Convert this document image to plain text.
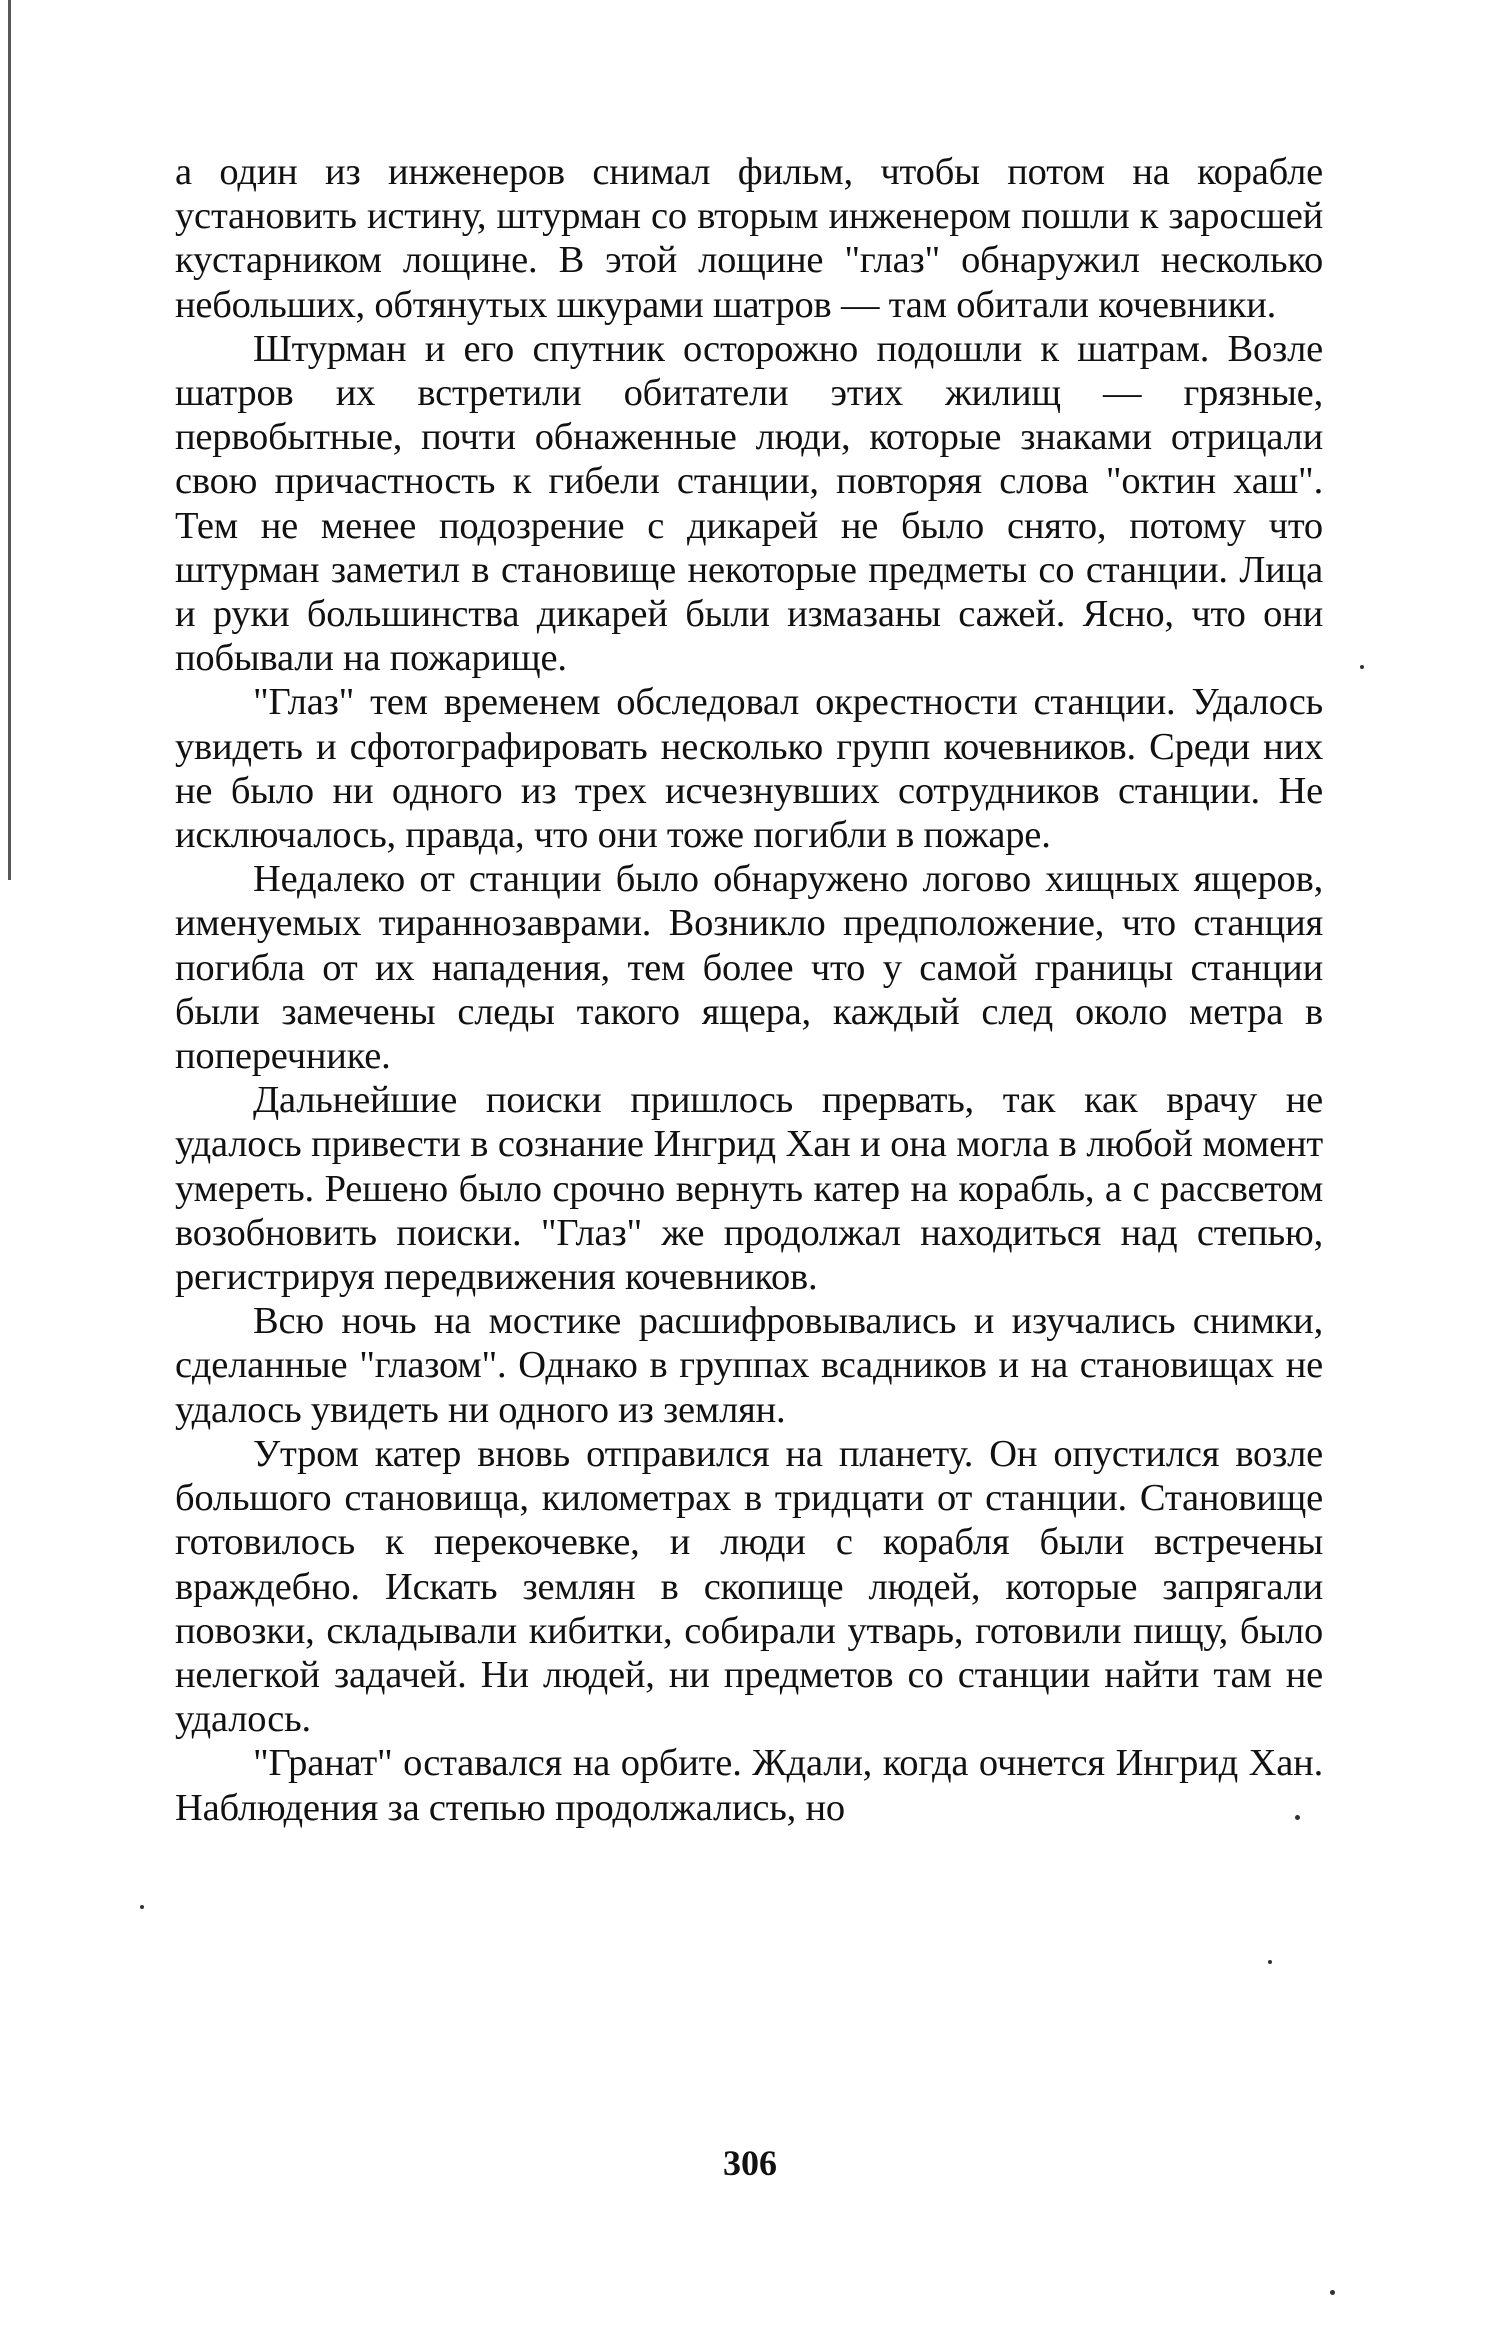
а один из инженеров снимал фильм, чтобы потом на корабле установить истину, штурман со вторым инженером пошли к заросшей кустарником лощине. В этой лощине "глаз" обнаружил несколько небольших, обтянутых шкурами шатров — там обитали кочевники.

Штурман и его спутник осторожно подошли к шатрам. Возле шатров их встретили обитатели этих жилищ — грязные, первобытные, почти обнаженные люди, которые знаками отрицали свою причастность к гибели станции, повторяя слова "октин хаш". Тем не менее подозрение с дикарей не было снято, потому что штурман заметил в становище некоторые предметы со станции. Лица и руки большинства дикарей были измазаны сажей. Ясно, что они побывали на пожарище.

"Глаз" тем временем обследовал окрестности станции. Удалось увидеть и сфотографировать несколько групп кочевников. Среди них не было ни одного из трех исчезнувших сотрудников станции. Не исключалось, правда, что они тоже погибли в пожаре.

Недалеко от станции было обнаружено логово хищных ящеров, именуемых тираннозаврами. Возникло предположение, что станция погибла от их нападения, тем более что у самой границы станции были замечены следы такого ящера, каждый след около метра в поперечнике.

Дальнейшие поиски пришлось прервать, так как врачу не удалось привести в сознание Ингрид Хан и она могла в любой момент умереть. Решено было срочно вернуть катер на корабль, а с рассветом возобновить поиски. "Глаз" же продолжал находиться над степью, регистрируя передвижения кочевников.

Всю ночь на мостике расшифровывались и изучались снимки, сделанные "глазом". Однако в группах всадников и на становищах не удалось увидеть ни одного из землян.

Утром катер вновь отправился на планету. Он опустился возле большого становища, километрах в тридцати от станции. Становище готовилось к перекочевке, и люди с корабля были встречены враждебно. Искать землян в скопище людей, которые запрягали повозки, складывали кибитки, собирали утварь, готовили пищу, было нелегкой задачей. Ни людей, ни предметов со станции найти там не удалось.

"Гранат" оставался на орбите. Ждали, когда очнется Ингрид Хан. Наблюдения за степью продолжались, но

306
